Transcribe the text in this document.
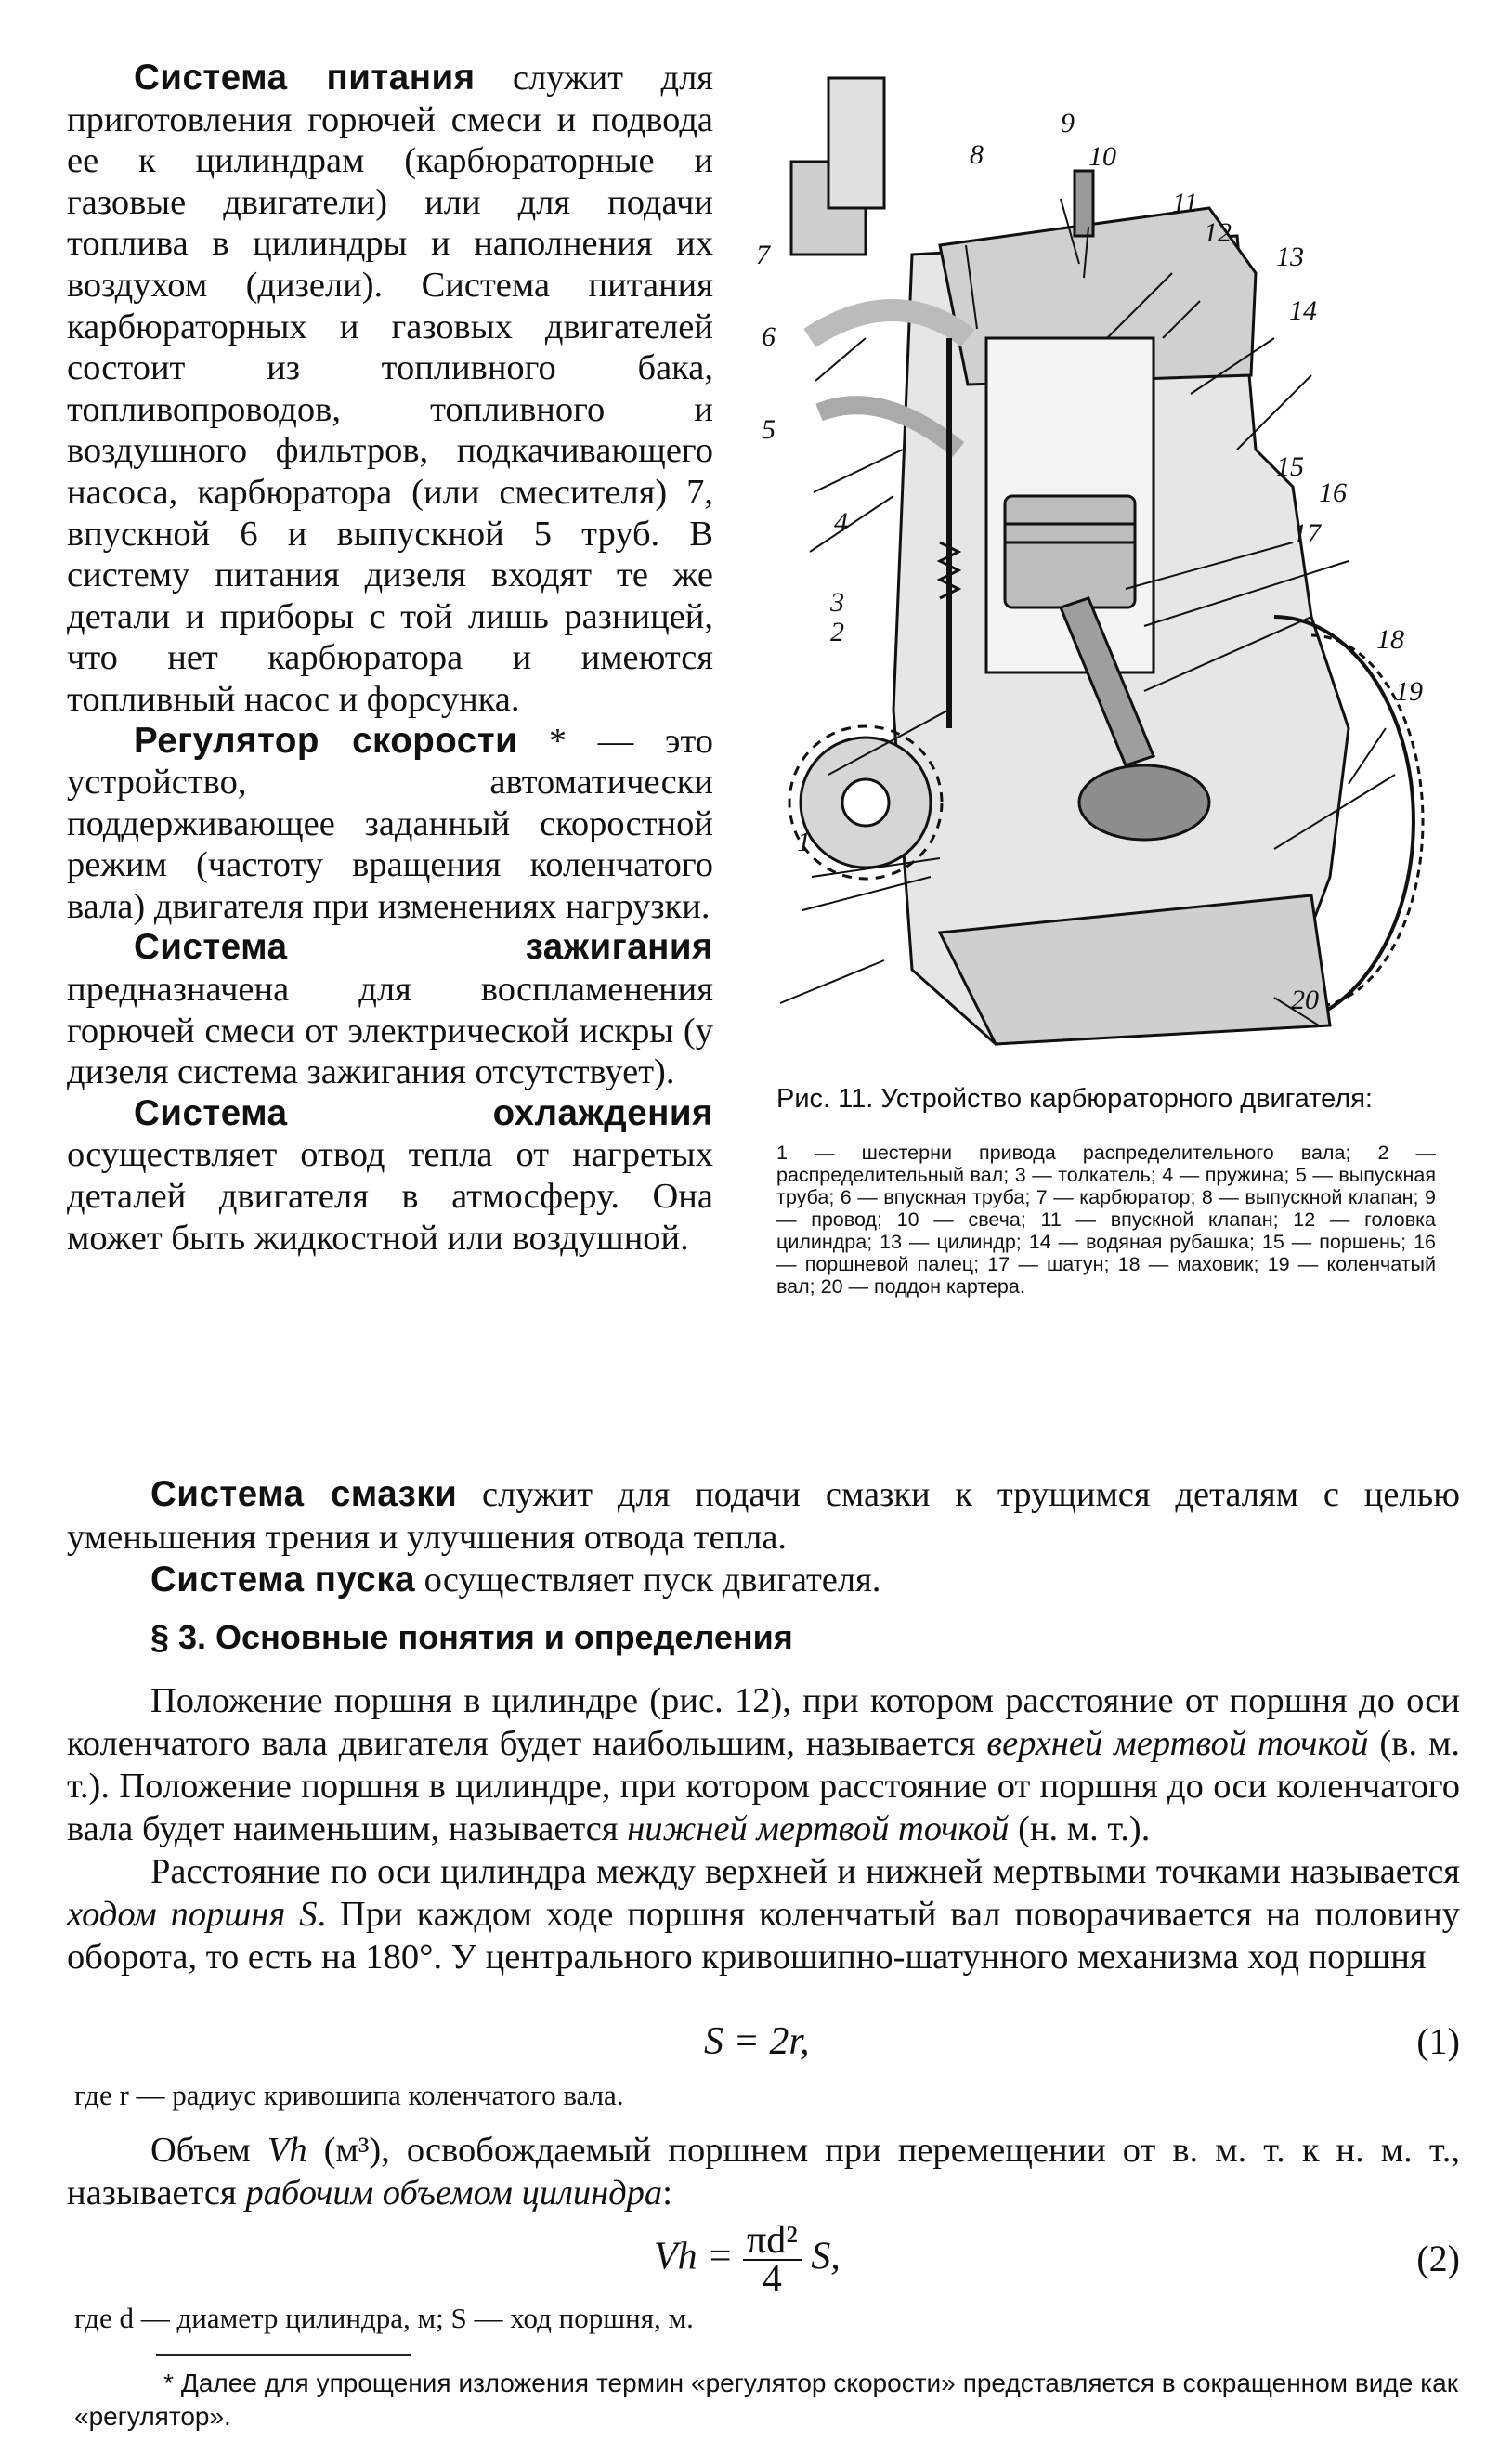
Система питания служит для приготовления горючей смеси и подвода ее к цилиндрам (карбюраторные и газовые двигатели) или для подачи топлива в цилиндры и наполнения их воздухом (дизели). Система питания карбюраторных и газовых двигателей состоит из топливного бака, топливопроводов, топливного и воздушного фильтров, подкачивающего насоса, карбюратора (или смесителя) 7, впускной 6 и выпускной 5 труб. В систему питания дизеля входят те же детали и приборы с той лишь разницей, что нет карбюратора и имеются топливный насос и форсунка.

Регулятор скорости * — это устройство, автоматически поддерживающее заданный скоростной режим (частоту вращения коленчатого вала) двигателя при изменениях нагрузки.

Система зажигания предназначена для воспламенения горючей смеси от электрической искры (у дизеля система зажигания отсутствует).

Система охлаждения осуществляет отвод тепла от нагретых деталей двигателя в атмосферу. Она может быть жидкостной или воздушной.

1
2
3
4
5
6
7
8
9
10
11
12
13
14
15
16
17
18
19
20

Рис. 11. Устройство карбюраторного двигателя:

1 — шестерни привода распределительного вала; 2 — распределительный вал; 3 — толкатель; 4 — пружина; 5 — выпускная труба; 6 — впускная труба; 7 — карбюратор; 8 — выпускной клапан; 9 — провод; 10 — свеча; 11 — впускной клапан; 12 — головка цилиндра; 13 — цилиндр; 14 — водяная рубашка; 15 — поршень; 16 — поршневой палец; 17 — шатун; 18 — маховик; 19 — коленчатый вал; 20 — поддон картера.

Система смазки служит для подачи смазки к трущимся деталям с целью уменьшения трения и улучшения отвода тепла.

Система пуска осуществляет пуск двигателя.

§ 3. Основные понятия и определения

Положение поршня в цилиндре (рис. 12), при котором расстояние от поршня до оси коленчатого вала двигателя будет наибольшим, называется верхней мертвой точкой (в. м. т.). Положение поршня в цилиндре, при котором расстояние от поршня до оси коленчатого вала будет наименьшим, называется нижней мертвой точкой (н. м. т.).

Расстояние по оси цилиндра между верхней и нижней мертвыми точками называется ходом поршня S. При каждом ходе поршня коленчатый вал поворачивается на половину оборота, то есть на 180°. У центрального кривошипно-шатунного механизма ход поршня

S = 2r,	(1)
где r — радиус кривошипа коленчатого вала.

Объем Vh (м³), освобождаемый поршнем при перемещении от в. м. т. к н. м. т., называется рабочим объемом цилиндра:

$Vh = \frac{\text{πd²}}{4} S$,	(2)
где d — диаметр цилиндра, м; S — ход поршня, м.

* Далее для упрощения изложения термин «регулятор скорости» представляется в сокращенном виде как «регулятор».
